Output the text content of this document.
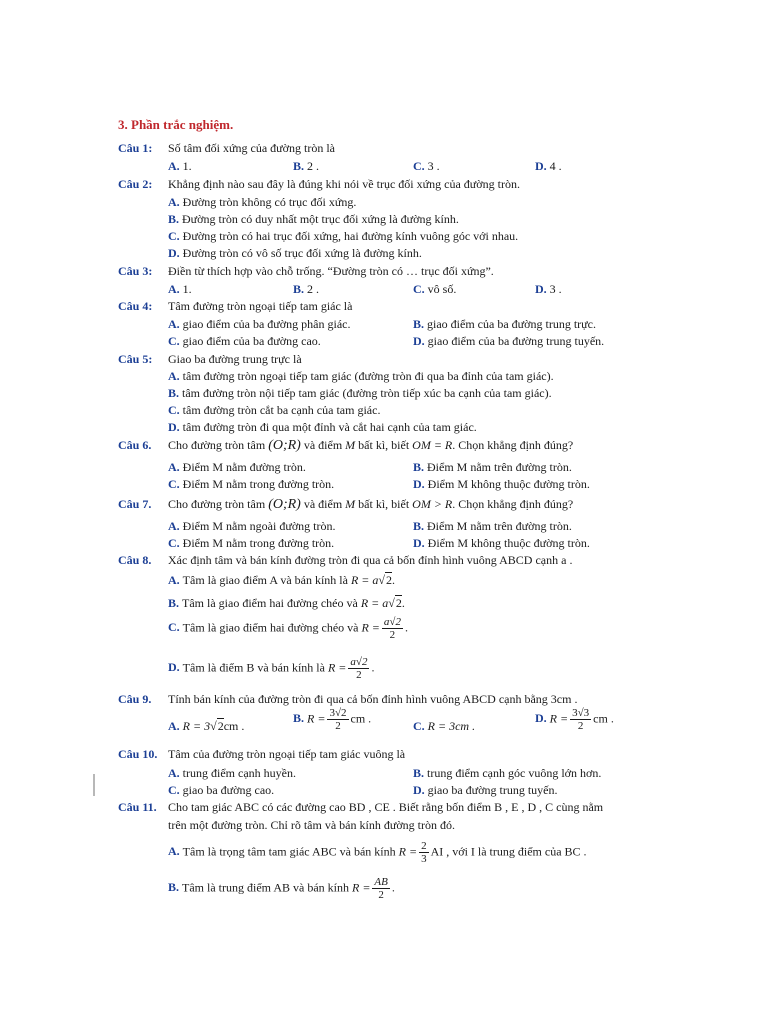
3. Phần trắc nghiệm.
Câu 1: Số tâm đối xứng của đường tròn là
A. 1.	B. 2 .	C. 3 .	D. 4 .
Câu 2: Khẳng định nào sau đây là đúng khi nói về trục đối xứng của đường tròn.
A. Đường tròn không có trục đối xứng.
B. Đường tròn có duy nhất một trục đối xứng là đường kính.
C. Đường tròn có hai trục đối xứng, hai đường kính vuông góc với nhau.
D. Đường tròn có vô số trục đối xứng là đường kính.
Câu 3: Điền từ thích hợp vào chỗ trống. “Đường tròn có … trục đối xứng”.
A. 1.	B. 2 .	C. vô số.	D. 3 .
Câu 4: Tâm đường tròn ngoại tiếp tam giác là
A. giao điểm của ba đường phân giác.	B. giao điểm của ba đường trung trực.
C. giao điểm của ba đường cao.	D. giao điểm của ba đường trung tuyến.
Câu 5: Giao ba đường trung trực là
A. tâm đường tròn ngoại tiếp tam giác (đường tròn đi qua ba đỉnh của tam giác).
B. tâm đường tròn nội tiếp tam giác (đường tròn tiếp xúc ba cạnh của tam giác).
C. tâm đường tròn cắt ba cạnh của tam giác.
D. tâm đường tròn đi qua một đỉnh và cắt hai cạnh của tam giác.
Câu 6. Cho đường tròn tâm (O;R) và điểm M bất kì, biết OM = R. Chọn khẳng định đúng?
A. Điểm M nằm đường tròn.	B. Điểm M nằm trên đường tròn.
C. Điểm M nằm trong đường tròn.	D. Điểm M không thuộc đường tròn.
Câu 7. Cho đường tròn tâm (O;R) và điểm M bất kì, biết OM > R. Chọn khẳng định đúng?
A. Điểm M nằm ngoài đường tròn.	B. Điểm M nằm trên đường tròn.
C. Điểm M nằm trong đường tròn.	D. Điểm M không thuộc đường tròn.
Câu 8. Xác định tâm và bán kính đường tròn đi qua cả bốn đỉnh hình vuông ABCD cạnh a .
A. Tâm là giao điểm A và bán kính là R = a√2.
B. Tâm là giao điểm hai đường chéo và R = a√2.
C. Tâm là giao điểm hai đường chéo và $R = \frac{a√2}{2}$ .
D. Tâm là điểm B và bán kính là $R = \frac{a√2}{2}$ .
Câu 9. Tính bán kính của đường tròn đi qua cả bốn đỉnh hình vuông ABCD cạnh bằng 3cm .
A. R = 3√2cm .
B. $R = \frac{3√2}{2}$ cm .
C. R = 3cm .
D. $R = \frac{3√3}{2}$ cm .
Câu 10. Tâm của đường tròn ngoại tiếp tam giác vuông là
A. trung điểm cạnh huyền.	B. trung điểm cạnh góc vuông lớn hơn.
C. giao ba đường cao.	D. giao ba đường trung tuyến.
Câu 11. Cho tam giác ABC có các đường cao BD , CE . Biết rằng bốn điểm B , E , D , C cùng nằm
trên một đường tròn. Chỉ rõ tâm và bán kính đường tròn đó.
A. Tâm là trọng tâm tam giác ABC và bán kính $R = \frac{2}{3}$ AI , với I là trung điểm của BC .
B. Tâm là trung điểm AB và bán kính $R = \frac{AB}{2}$ .
